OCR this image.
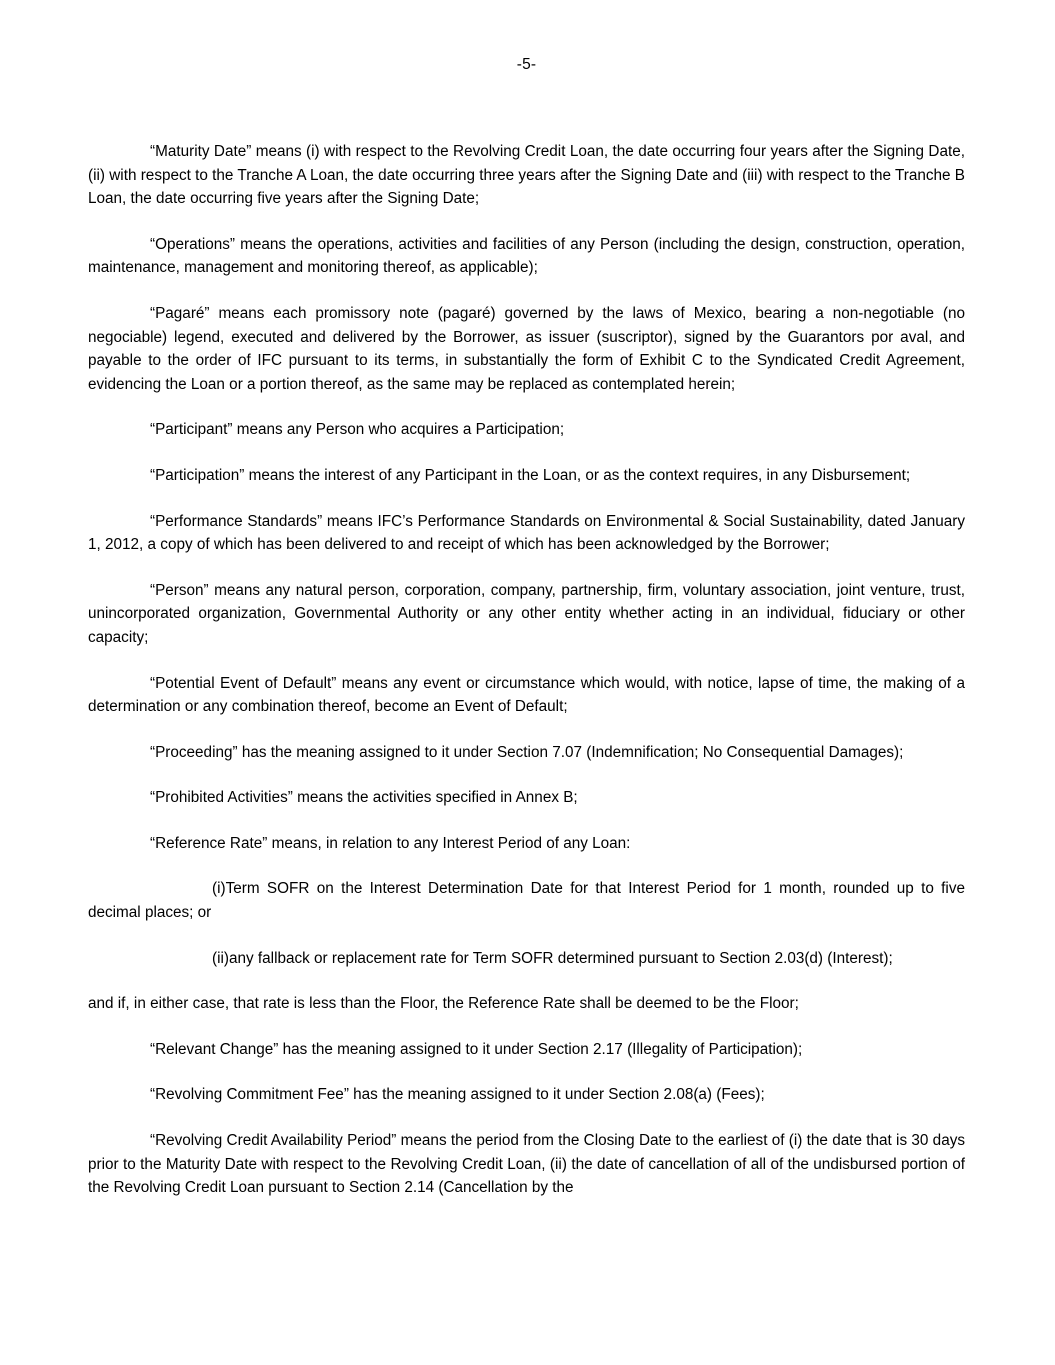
-5-

“Maturity Date” means (i) with respect to the Revolving Credit Loan, the date occurring four years after the Signing Date, (ii) with respect to the Tranche A Loan, the date occurring three years after the Signing Date and (iii) with respect to the Tranche B Loan, the date occurring five years after the Signing Date;

“Operations” means the operations, activities and facilities of any Person (including the design, construction, operation, maintenance, management and monitoring thereof, as applicable);

“Pagaré” means each promissory note (pagaré) governed by the laws of Mexico, bearing a non-negotiable (no negociable) legend, executed and delivered by the Borrower, as issuer (suscriptor), signed by the Guarantors por aval, and payable to the order of IFC pursuant to its terms, in substantially the form of Exhibit C to the Syndicated Credit Agreement, evidencing the Loan or a portion thereof, as the same may be replaced as contemplated herein;

“Participant” means any Person who acquires a Participation;

“Participation” means the interest of any Participant in the Loan, or as the context requires, in any Disbursement;

“Performance Standards” means IFC’s Performance Standards on Environmental & Social Sustainability, dated January 1, 2012, a copy of which has been delivered to and receipt of which has been acknowledged by the Borrower;

“Person” means any natural person, corporation, company, partnership, firm, voluntary association, joint venture, trust, unincorporated organization, Governmental Authority or any other entity whether acting in an individual, fiduciary or other capacity;

“Potential Event of Default” means any event or circumstance which would, with notice, lapse of time, the making of a determination or any combination thereof, become an Event of Default;

“Proceeding” has the meaning assigned to it under Section 7.07 (Indemnification; No Consequential Damages);

“Prohibited Activities” means the activities specified in Annex B;

“Reference Rate” means, in relation to any Interest Period of any Loan:

(i)Term SOFR on the Interest Determination Date for that Interest Period for 1 month, rounded up to five decimal places; or

(ii)any fallback or replacement rate for Term SOFR determined pursuant to Section 2.03(d) (Interest);

and if, in either case, that rate is less than the Floor, the Reference Rate shall be deemed to be the Floor;

“Relevant Change” has the meaning assigned to it under Section 2.17 (Illegality of Participation);

“Revolving Commitment Fee” has the meaning assigned to it under Section 2.08(a) (Fees);

“Revolving Credit Availability Period” means the period from the Closing Date to the earliest of (i) the date that is 30 days prior to the Maturity Date with respect to the Revolving Credit Loan, (ii) the date of cancellation of all of the undisbursed portion of the Revolving Credit Loan pursuant to Section 2.14 (Cancellation by the
